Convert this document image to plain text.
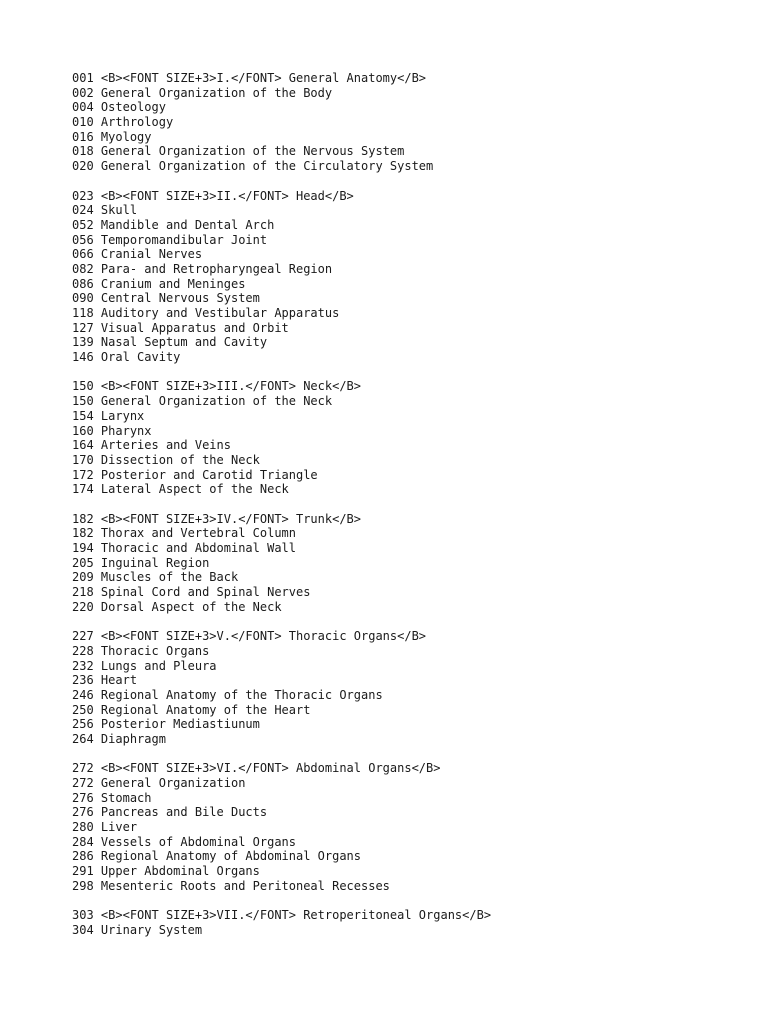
001 <B><FONT SIZE+3>I.</FONT> General Anatomy</B>
002 General Organization of the Body
004 Osteology
010 Arthrology
016 Myology
018 General Organization of the Nervous System
020 General Organization of the Circulatory System
023 <B><FONT SIZE+3>II.</FONT> Head</B>
024 Skull
052 Mandible and Dental Arch
056 Temporomandibular Joint
066 Cranial Nerves
082 Para- and Retropharyngeal Region
086 Cranium and Meninges
090 Central Nervous System
118 Auditory and Vestibular Apparatus
127 Visual Apparatus and Orbit
139 Nasal Septum and Cavity
146 Oral Cavity
150 <B><FONT SIZE+3>III.</FONT> Neck</B>
150 General Organization of the Neck
154 Larynx
160 Pharynx
164 Arteries and Veins
170 Dissection of the Neck
172 Posterior and Carotid Triangle
174 Lateral Aspect of the Neck
182 <B><FONT SIZE+3>IV.</FONT> Trunk</B>
182 Thorax and Vertebral Column
194 Thoracic and Abdominal Wall
205 Inguinal Region
209 Muscles of the Back
218 Spinal Cord and Spinal Nerves
220 Dorsal Aspect of the Neck
227 <B><FONT SIZE+3>V.</FONT> Thoracic Organs</B>
228 Thoracic Organs
232 Lungs and Pleura
236 Heart
246 Regional Anatomy of the Thoracic Organs
250 Regional Anatomy of the Heart
256 Posterior Mediastiunum
264 Diaphragm
272 <B><FONT SIZE+3>VI.</FONT> Abdominal Organs</B>
272 General Organization
276 Stomach
276 Pancreas and Bile Ducts
280 Liver
284 Vessels of Abdominal Organs
286 Regional Anatomy of Abdominal Organs
291 Upper Abdominal Organs
298 Mesenteric Roots and Peritoneal Recesses
303 <B><FONT SIZE+3>VII.</FONT> Retroperitoneal Organs</B>
304 Urinary System
